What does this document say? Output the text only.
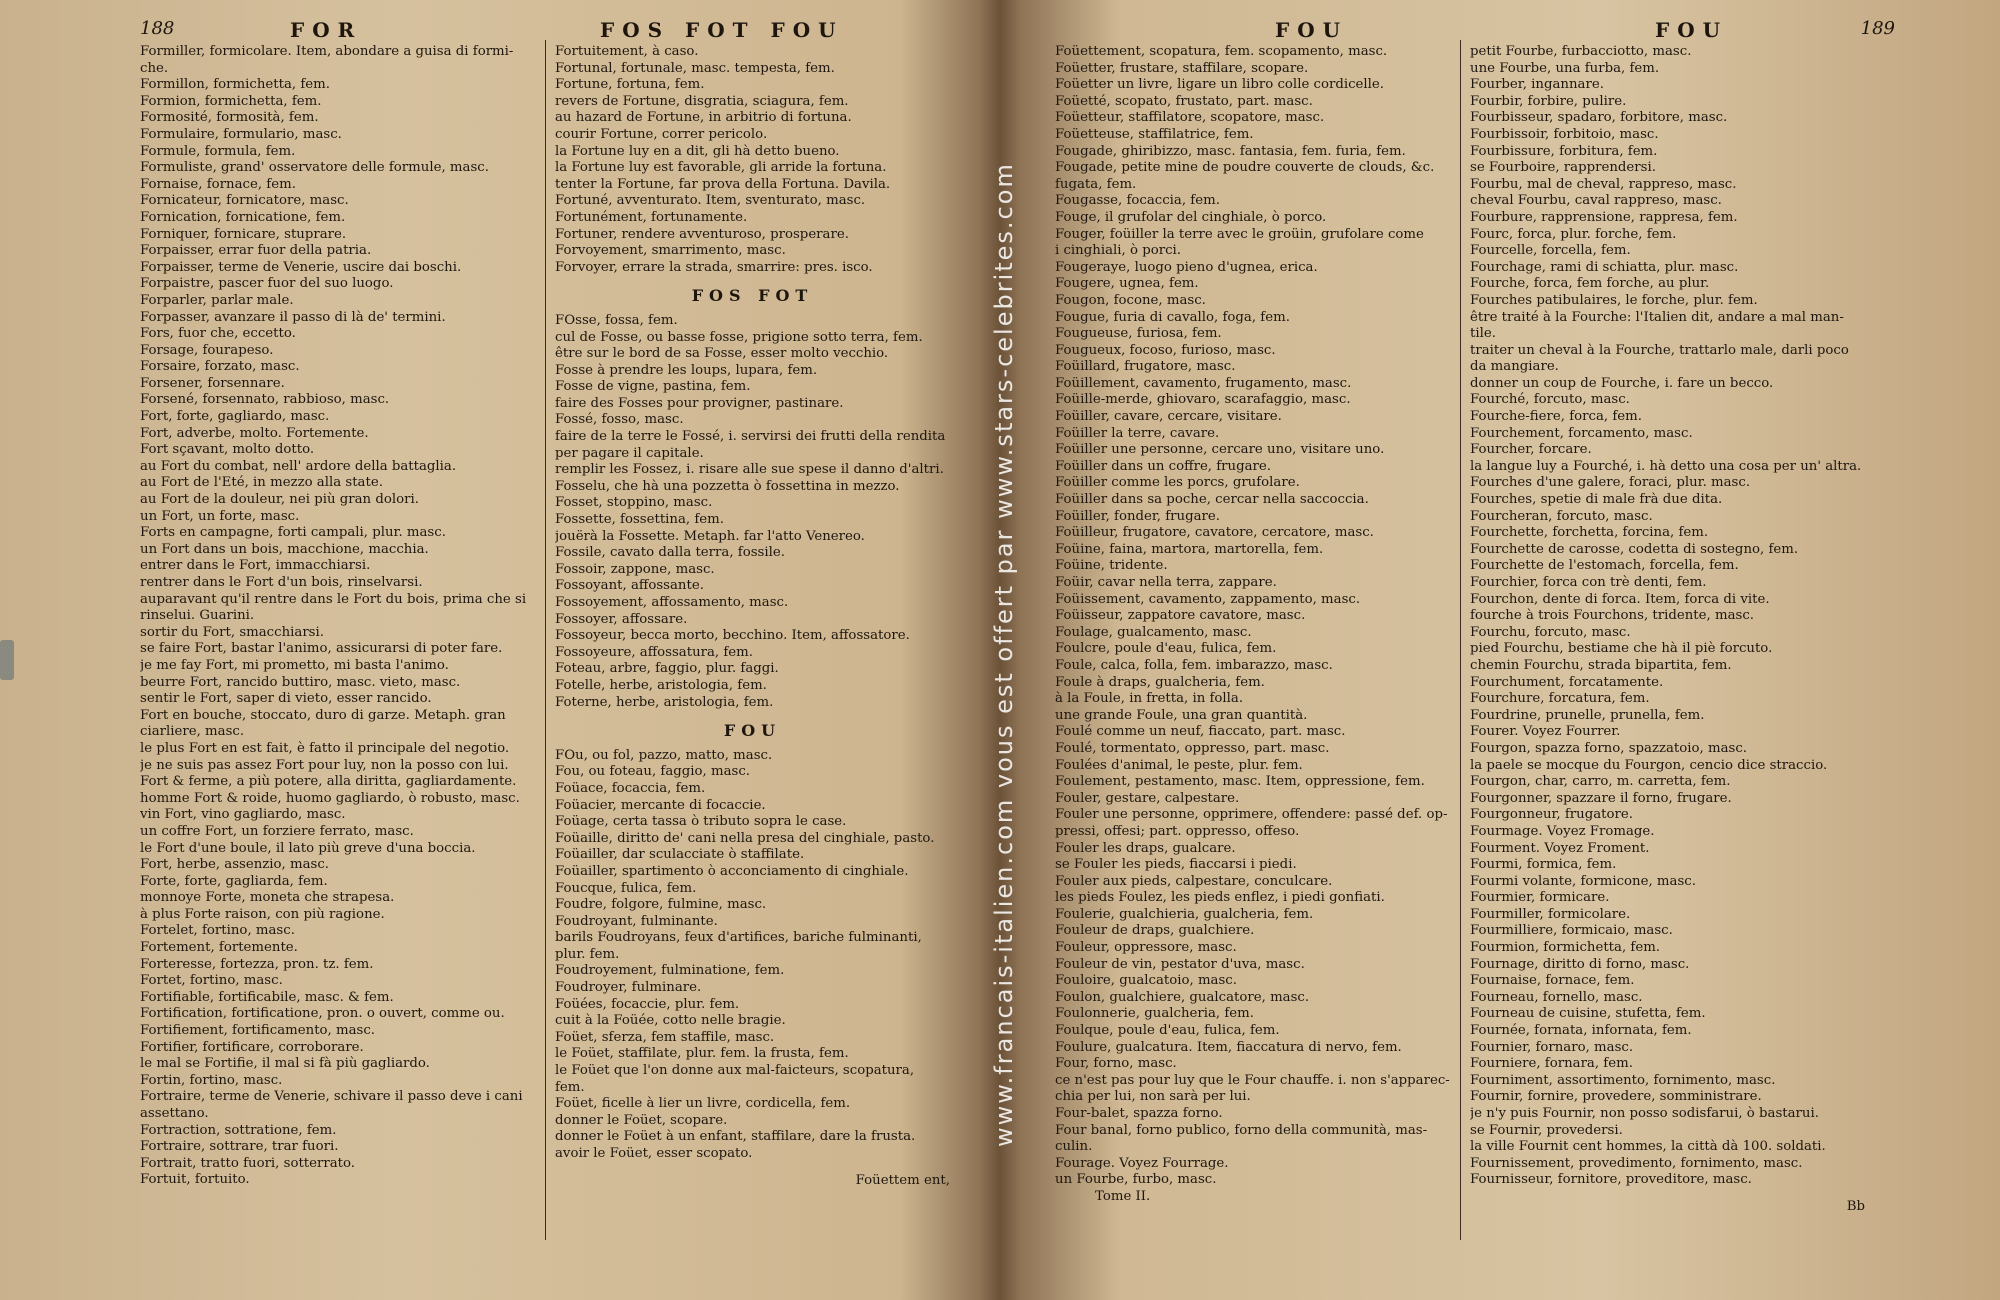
188	FOR	FOS FOT FOU
Formiller, formicolare. Item, abondare a guisa di formi-
che.
Formillon, formichetta, fem.
Formion, formichetta, fem.
Formosité, formosità, fem.
Formulaire, formulario, masc.
Formule, formula, fem.
Formuliste, grand' osservatore delle formule, masc.
Fornaise, fornace, fem.
Fornicateur, fornicatore, masc.
Fornication, fornicatione, fem.
Forniquer, fornicare, stuprare.
Forpaisser, errar fuor della patria.
Forpaisser, terme de Venerie, uscire dai boschi.
Forpaistre, pascer fuor del suo luogo.
Forparler, parlar male.
Forpasser, avanzare il passo di là de' termini.
Fors, fuor che, eccetto.
Forsage, fourapeso.
Forsaire, forzato, masc.
Forsener, forsennare.
Forsené, forsennato, rabbioso, masc.
Fort, forte, gagliardo, masc.
Fort, adverbe, molto. Fortemente.
Fort sçavant, molto dotto.
au Fort du combat, nell' ardore della battaglia.
au Fort de l'Eté, in mezzo alla state.
au Fort de la douleur, nei più gran dolori.
un Fort, un forte, masc.
Forts en campagne, forti campali, plur. masc.
un Fort dans un bois, macchione, macchia.
entrer dans le Fort, immacchiarsi.
rentrer dans le Fort d'un bois, rinselvarsi.
auparavant qu'il rentre dans le Fort du bois, prima che si
rinselui. Guarini.
sortir du Fort, smacchiarsi.
se faire Fort, bastar l'animo, assicurarsi di poter fare.
je me fay Fort, mi prometto, mi basta l'animo.
beurre Fort, rancido buttiro, masc. vieto, masc.
sentir le Fort, saper di vieto, esser rancido.
Fort en bouche, stoccato, duro di garze. Metaph. gran
ciarliere, masc.
le plus Fort en est fait, è fatto il principale del negotio.
je ne suis pas assez Fort pour luy, non la posso con lui.
Fort & ferme, a più potere, alla diritta, gagliardamente.
homme Fort & roide, huomo gagliardo, ò robusto, masc.
vin Fort, vino gagliardo, masc.
un coffre Fort, un forziere ferrato, masc.
le Fort d'une boule, il lato più greve d'una boccia.
Fort, herbe, assenzio, masc.
Forte, forte, gagliarda, fem.
monnoye Forte, moneta che strapesa.
à plus Forte raison, con più ragione.
Fortelet, fortino, masc.
Fortement, fortemente.
Forteresse, fortezza, pron. tz. fem.
Fortet, fortino, masc.
Fortifiable, fortificabile, masc. & fem.
Fortification, fortificatione, pron. o ouvert, comme ou.
Fortifiement, fortificamento, masc.
Fortifier, fortificare, corroborare.
le mal se Fortifie, il mal si fà più gagliardo.
Fortin, fortino, masc.
Fortraire, terme de Venerie, schivare il passo deve i cani
assettano.
Fortraction, sottratione, fem.
Fortraire, sottrare, trar fuori.
Fortrait, tratto fuori, sotterrato.
Fortuit, fortuito.
Fortuitement, à caso.
Fortunal, fortunale, masc. tempesta, fem.
Fortune, fortuna, fem.
revers de Fortune, disgratia, sciagura, fem.
au hazard de Fortune, in arbitrio di fortuna.
courir Fortune, correr pericolo.
la Fortune luy en a dit, gli hà detto bueno.
la Fortune luy est favorable, gli arride la fortuna.
tenter la Fortune, far prova della Fortuna. Davila.
Fortuné, avventurato. Item, sventurato, masc.
Fortunément, fortunamente.
Fortuner, rendere avventuroso, prosperare.
Forvoyement, smarrimento, masc.
Forvoyer, errare la strada, smarrire: pres. isco.
FOS FOT
FOsse, fossa, fem.
cul de Fosse, ou basse fosse, prigione sotto terra, fem.
être sur le bord de sa Fosse, esser molto vecchio.
Fosse à prendre les loups, lupara, fem.
Fosse de vigne, pastina, fem.
faire des Fosses pour provigner, pastinare.
Fossé, fosso, masc.
faire de la terre le Fossé, i. servirsi dei frutti della rendita
per pagare il capitale.
remplir les Fossez, i. risare alle sue spese il danno d'altri.
Fosselu, che hà una pozzetta ò fossettina in mezzo.
Fosset, stoppino, masc.
Fossette, fossettina, fem.
jouërà la Fossette. Metaph. far l'atto Venereo.
Fossile, cavato dalla terra, fossile.
Fossoir, zappone, masc.
Fossoyant, affossante.
Fossoyement, affossamento, masc.
Fossoyer, affossare.
Fossoyeur, becca morto, becchino. Item, affossatore.
Fossoyeure, affossatura, fem.
Foteau, arbre, faggio, plur. faggi.
Fotelle, herbe, aristologia, fem.
Foterne, herbe, aristologia, fem.
FOU
FOu, ou fol, pazzo, matto, masc.
Fou, ou foteau, faggio, masc.
Foüace, focaccia, fem.
Foüacier, mercante di focaccie.
Foüage, certa tassa ò tributo sopra le case.
Foüaille, diritto de' cani nella presa del cinghiale, pasto.
Foüailler, dar sculacciate ò staffilate.
Foüailler, spartimento ò acconciamento di cinghiale.
Foucque, fulica, fem.
Foudre, folgore, fulmine, masc.
Foudroyant, fulminante.
barils Foudroyans, feux d'artifices, bariche fulminanti,
plur. fem.
Foudroyement, fulminatione, fem.
Foudroyer, fulminare.
Foüées, focaccie, plur. fem.
cuit à la Foüée, cotto nelle bragie.
Foüet, sferza, fem staffile, masc.
le Foüet, staffilate, plur. fem. la frusta, fem.
le Foüet que l'on donne aux mal-faicteurs, scopatura,
fem.
Foüet, ficelle à lier un livre, cordicella, fem.
donner le Foüet, scopare.
donner le Foüet à un enfant, staffilare, dare la frusta.
avoir le Foüet, esser scopato.
Foüettem ent,
www.francais-italien.com vous est offert par www.stars-celebrites.com
FOU	FOU	189
Foüettement, scopatura, fem. scopamento, masc.
Foüetter, frustare, staffilare, scopare.
Foüetter un livre, ligare un libro colle cordicelle.
Foüetté, scopato, frustato, part. masc.
Foüetteur, staffilatore, scopatore, masc.
Foüetteuse, staffilatrice, fem.
Fougade, ghiribizzo, masc. fantasia, fem. furia, fem.
Fougade, petite mine de poudre couverte de clouds, &c.
fugata, fem.
Fougasse, focaccia, fem.
Fouge, il grufolar del cinghiale, ò porco.
Fouger, foüiller la terre avec le groüin, grufolare come
i cinghiali, ò porci.
Fougeraye, luogo pieno d'ugnea, erica.
Fougere, ugnea, fem.
Fougon, focone, masc.
Fougue, furia di cavallo, foga, fem.
Fougueuse, furiosa, fem.
Fougueux, focoso, furioso, masc.
Foüillard, frugatore, masc.
Foüillement, cavamento, frugamento, masc.
Foüille-merde, ghiovaro, scarafaggio, masc.
Foüiller, cavare, cercare, visitare.
Foüiller la terre, cavare.
Foüiller une personne, cercare uno, visitare uno.
Foüiller dans un coffre, frugare.
Foüiller comme les porcs, grufolare.
Foüiller dans sa poche, cercar nella saccoccia.
Foüiller, fonder, frugare.
Foüilleur, frugatore, cavatore, cercatore, masc.
Foüine, faina, martora, martorella, fem.
Foüine, tridente.
Foüir, cavar nella terra, zappare.
Foüissement, cavamento, zappamento, masc.
Foüisseur, zappatore cavatore, masc.
Foulage, gualcamento, masc.
Foulcre, poule d'eau, fulica, fem.
Foule, calca, folla, fem. imbarazzo, masc.
Foule à draps, gualcheria, fem.
à la Foule, in fretta, in folla.
une grande Foule, una gran quantità.
Foulé comme un neuf, fiaccato, part. masc.
Foulé, tormentato, oppresso, part. masc.
Foulées d'animal, le peste, plur. fem.
Foulement, pestamento, masc. Item, oppressione, fem.
Fouler, gestare, calpestare.
Fouler une personne, opprimere, offendere: passé def. op-
pressi, offesi; part. oppresso, offeso.
Fouler les draps, gualcare.
se Fouler les pieds, fiaccarsi i piedi.
Fouler aux pieds, calpestare, conculcare.
les pieds Foulez, les pieds enflez, i piedi gonfiati.
Foulerie, gualchieria, gualcheria, fem.
Fouleur de draps, gualchiere.
Fouleur, oppressore, masc.
Fouleur de vin, pestator d'uva, masc.
Fouloire, gualcatoio, masc.
Foulon, gualchiere, gualcatore, masc.
Foulonnerie, gualcheria, fem.
Foulque, poule d'eau, fulica, fem.
Foulure, gualcatura. Item, fiaccatura di nervo, fem.
Four, forno, masc.
ce n'est pas pour luy que le Four chauffe. i. non s'apparec-
chia per lui, non sarà per lui.
Four-balet, spazza forno.
Four banal, forno publico, forno della communità, mas-
culin.
Fourage. Voyez Fourrage.
un Fourbe, furbo, masc.
Tome II.
petit Fourbe, furbacciotto, masc.
une Fourbe, una furba, fem.
Fourber, ingannare.
Fourbir, forbire, pulire.
Fourbisseur, spadaro, forbitore, masc.
Fourbissoir, forbitoio, masc.
Fourbissure, forbitura, fem.
se Fourboire, rapprendersi.
Fourbu, mal de cheval, rappreso, masc.
cheval Fourbu, caval rappreso, masc.
Fourbure, rapprensione, rappresa, fem.
Fourc, forca, plur. forche, fem.
Fourcelle, forcella, fem.
Fourchage, rami di schiatta, plur. masc.
Fourche, forca, fem forche, au plur.
Fourches patibulaires, le forche, plur. fem.
être traité à la Fourche: l'Italien dit, andare a mal man-
tile.
traiter un cheval à la Fourche, trattarlo male, darli poco
da mangiare.
donner un coup de Fourche, i. fare un becco.
Fourché, forcuto, masc.
Fourche-fiere, forca, fem.
Fourchement, forcamento, masc.
Fourcher, forcare.
la langue luy a Fourché, i. hà detto una cosa per un' altra.
Fourches d'une galere, foraci, plur. masc.
Fourches, spetie di male frà due dita.
Fourcheran, forcuto, masc.
Fourchette, forchetta, forcina, fem.
Fourchette de carosse, codetta di sostegno, fem.
Fourchette de l'estomach, forcella, fem.
Fourchier, forca con trè denti, fem.
Fourchon, dente di forca. Item, forca di vite.
fourche à trois Fourchons, tridente, masc.
Fourchu, forcuto, masc.
pied Fourchu, bestiame che hà il piè forcuto.
chemin Fourchu, strada bipartita, fem.
Fourchument, forcatamente.
Fourchure, forcatura, fem.
Fourdrine, prunelle, prunella, fem.
Fourer. Voyez Fourrer.
Fourgon, spazza forno, spazzatoio, masc.
la paele se mocque du Fourgon, cencio dice straccio.
Fourgon, char, carro, m. carretta, fem.
Fourgonner, spazzare il forno, frugare.
Fourgonneur, frugatore.
Fourmage. Voyez Fromage.
Fourment. Voyez Froment.
Fourmi, formica, fem.
Fourmi volante, formicone, masc.
Fourmier, formicare.
Fourmiller, formicolare.
Fourmilliere, formicaio, masc.
Fourmion, formichetta, fem.
Fournage, diritto di forno, masc.
Fournaise, fornace, fem.
Fourneau, fornello, masc.
Fourneau de cuisine, stufetta, fem.
Fournée, fornata, infornata, fem.
Fournier, fornaro, masc.
Fourniere, fornara, fem.
Fourniment, assortimento, fornimento, masc.
Fournir, fornire, provedere, somministrare.
je n'y puis Fournir, non posso sodisfarui, ò bastarui.
se Fournir, provedersi.
la ville Fournit cent hommes, la città dà 100. soldati.
Fournissement, provedimento, fornimento, masc.
Fournisseur, fornitore, proveditore, masc.
Bb
